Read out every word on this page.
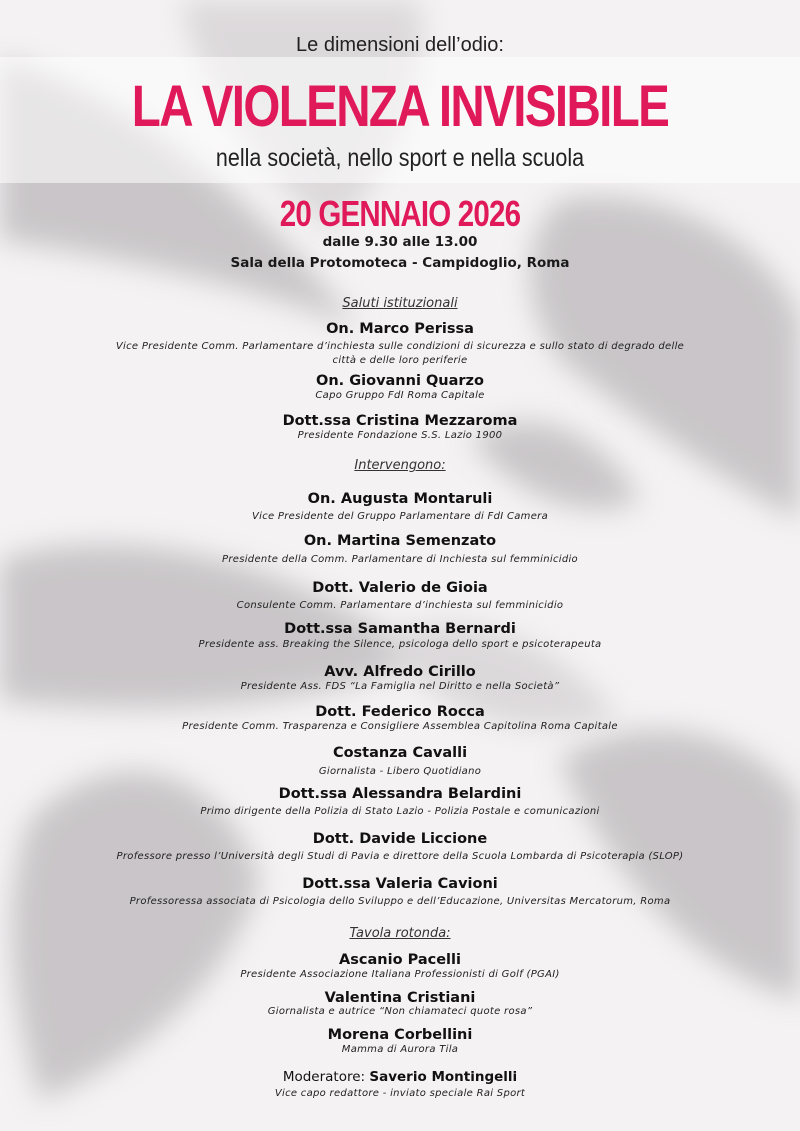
Le dimensioni dell’odio:
LA VIOLENZA INVISIBILE
nella società, nello sport e nella scuola
20 GENNAIO 2026
dalle 9.30 alle 13.00
Sala della Protomoteca - Campidoglio, Roma
Saluti istituzionali
On. Marco Perissa
Vice Presidente Comm. Parlamentare d’inchiesta sulle condizioni di sicurezza e sullo stato di degrado delle
città e delle loro periferie
On. Giovanni Quarzo
Capo Gruppo FdI Roma Capitale
Dott.ssa Cristina Mezzaroma
Presidente Fondazione S.S. Lazio 1900
Intervengono:
On. Augusta Montaruli
Vice Presidente del Gruppo Parlamentare di FdI Camera
On. Martina Semenzato
Presidente della Comm. Parlamentare di Inchiesta sul femminicidio
Dott. Valerio de Gioia
Consulente Comm. Parlamentare d’inchiesta sul femminicidio
Dott.ssa Samantha Bernardi
Presidente ass. Breaking the Silence, psicologa dello sport e psicoterapeuta
Avv. Alfredo Cirillo
Presidente Ass. FDS “La Famiglia nel Diritto e nella Società”
Dott. Federico Rocca
Presidente Comm. Trasparenza e Consigliere Assemblea Capitolina Roma Capitale
Costanza Cavalli
Giornalista - Libero Quotidiano
Dott.ssa Alessandra Belardini
Primo dirigente della Polizia di Stato Lazio - Polizia Postale e comunicazioni
Dott. Davide Liccione
Professore presso l’Università degli Studi di Pavia e direttore della Scuola Lombarda di Psicoterapia (SLOP)
Dott.ssa Valeria Cavioni
Professoressa associata di Psicologia dello Sviluppo e dell’Educazione, Universitas Mercatorum, Roma
Tavola rotonda:
Ascanio Pacelli
Presidente Associazione Italiana Professionisti di Golf (PGAI)
Valentina Cristiani
Giornalista e autrice “Non chiamateci quote rosa”
Morena Corbellini
Mamma di Aurora Tila
Moderatore: Saverio Montingelli
Vice capo redattore - inviato speciale Rai Sport
